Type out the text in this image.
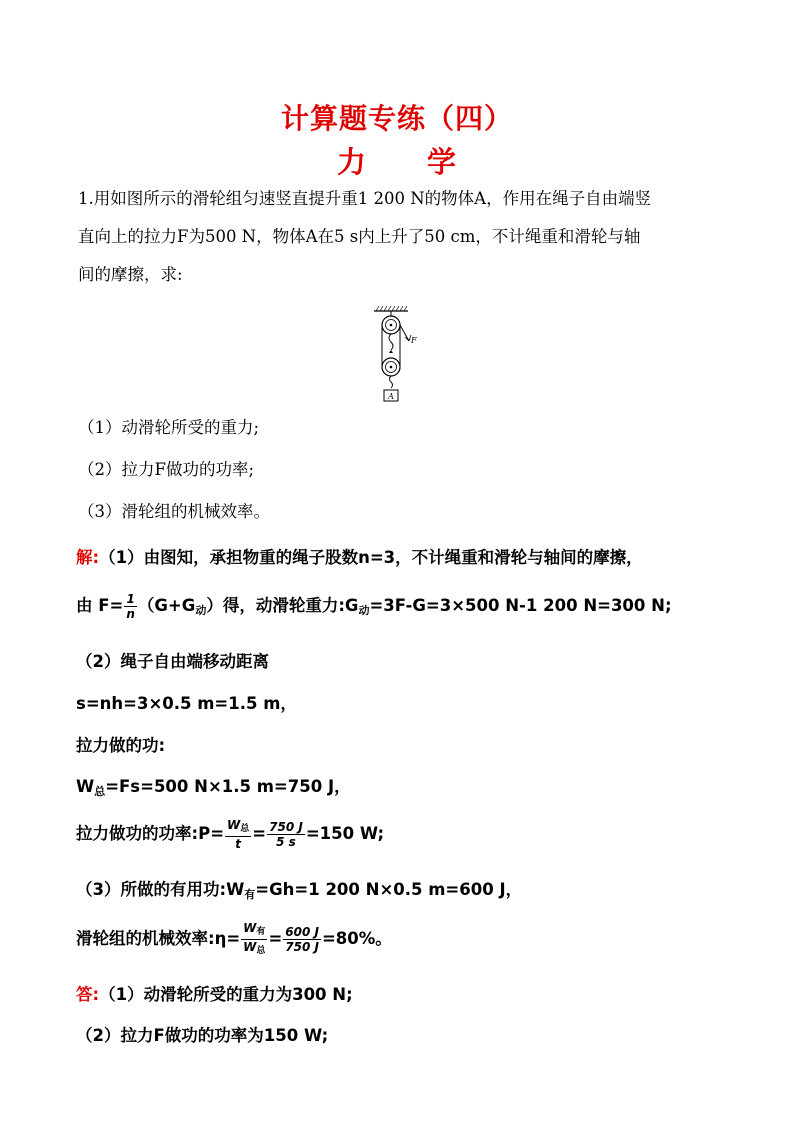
计算题专练（四）
力　　学
1.用如图所示的滑轮组匀速竖直提升重1 200 N的物体A，作用在绳子自由端竖
直向上的拉力F为500 N，物体A在5 s内上升了50 cm，不计绳重和滑轮与轴
间的摩擦，求:
F
A
（1）动滑轮所受的重力;
（2）拉力F做功的功率;
（3）滑轮组的机械效率。
解:（1）由图知，承担物重的绳子股数n=3，不计绳重和滑轮与轴间的摩擦，
由 $F= \frac{1}{n} (G+G_动)$得，动滑轮重力$:G_动=3F-G=3\times 500$ N-1 200 N=300 N;
（2）绳子自由端移动距离
s=nh=3×0.5 m=1.5 m，
拉力做的功:
$W_总=Fs=500$ N×1.5 m=750 J，
拉力做功的功率:P= $\frac{W_总}{t} = \frac{750 J}{5 s} =150$ W;
（3）所做的有用功$:W_有=Gh=1$ 200 N×0.5 m=600 J，
滑轮组的机械效率:η= $\frac{W_有}{W_总} = \frac{600 J}{750 J} =80\%$。
答:（1）动滑轮所受的重力为300 N;
（2）拉力F做功的功率为150 W;
